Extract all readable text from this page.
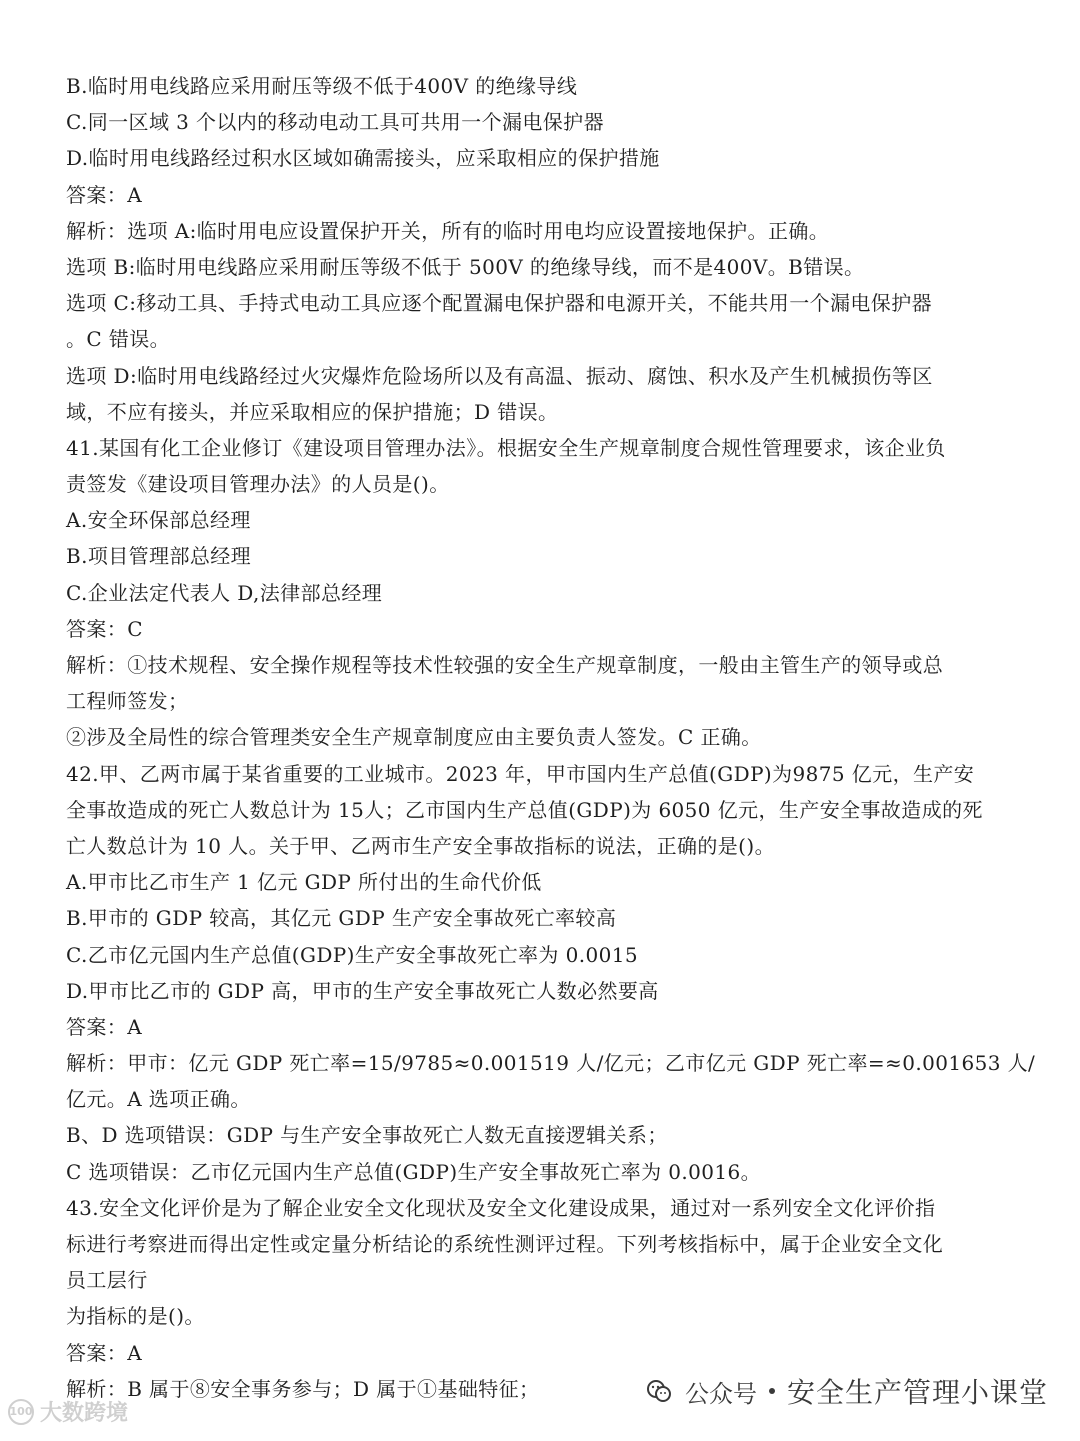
B.临时用电线路应采用耐压等级不低于400V 的绝缘导线
C.同一区域 3 个以内的移动电动工具可共用一个漏电保护器
D.临时用电线路经过积水区域如确需接头，应采取相应的保护措施
答案：A
解析：选项 A:临时用电应设置保护开关，所有的临时用电均应设置接地保护。正确。
选项 B:临时用电线路应采用耐压等级不低于 500V 的绝缘导线，而不是400V。B错误。
选项 C:移动工具、手持式电动工具应逐个配置漏电保护器和电源开关，不能共用一个漏电保护器
。C 错误。
选项 D:临时用电线路经过火灾爆炸危险场所以及有高温、振动、腐蚀、积水及产生机械损伤等区
域，不应有接头，并应采取相应的保护措施；D 错误。
41.某国有化工企业修订《建设项目管理办法》。根据安全生产规章制度合规性管理要求，该企业负
责签发《建设项目管理办法》的人员是()。
A.安全环保部总经理
B.项目管理部总经理
C.企业法定代表人 D,法律部总经理
答案：C
解析：①技术规程、安全操作规程等技术性较强的安全生产规章制度，一般由主管生产的领导或总
工程师签发；
②涉及全局性的综合管理类安全生产规章制度应由主要负责人签发。C 正确。
42.甲、乙两市属于某省重要的工业城市。2023 年，甲市国内生产总值(GDP)为9875 亿元，生产安
全事故造成的死亡人数总计为 15人；乙市国内生产总值(GDP)为 6050 亿元，生产安全事故造成的死
亡人数总计为 10 人。关于甲、乙两市生产安全事故指标的说法，正确的是()。
A.甲市比乙市生产 1 亿元 GDP 所付出的生命代价低
B.甲市的 GDP 较高，其亿元 GDP 生产安全事故死亡率较高
C.乙市亿元国内生产总值(GDP)生产安全事故死亡率为 0.0015
D.甲市比乙市的 GDP 高，甲市的生产安全事故死亡人数必然要高
答案：A
解析：甲市：亿元 GDP 死亡率=15/9785≈0.001519 人/亿元；乙市亿元 GDP 死亡率=≈0.001653 人/
亿元。A 选项正确。
B、D 选项错误：GDP 与生产安全事故死亡人数无直接逻辑关系；
C 选项错误：乙市亿元国内生产总值(GDP)生产安全事故死亡率为 0.0016。
43.安全文化评价是为了解企业安全文化现状及安全文化建设成果，通过对一系列安全文化评价指
标进行考察进而得出定性或定量分析结论的系统性测评过程。下列考核指标中，属于企业安全文化
员工层行
为指标的是()。
答案：A
解析：B 属于⑧安全事务参与；D 属于①基础特征；
100 大数跨境
公众号 安全生产管理小课堂
